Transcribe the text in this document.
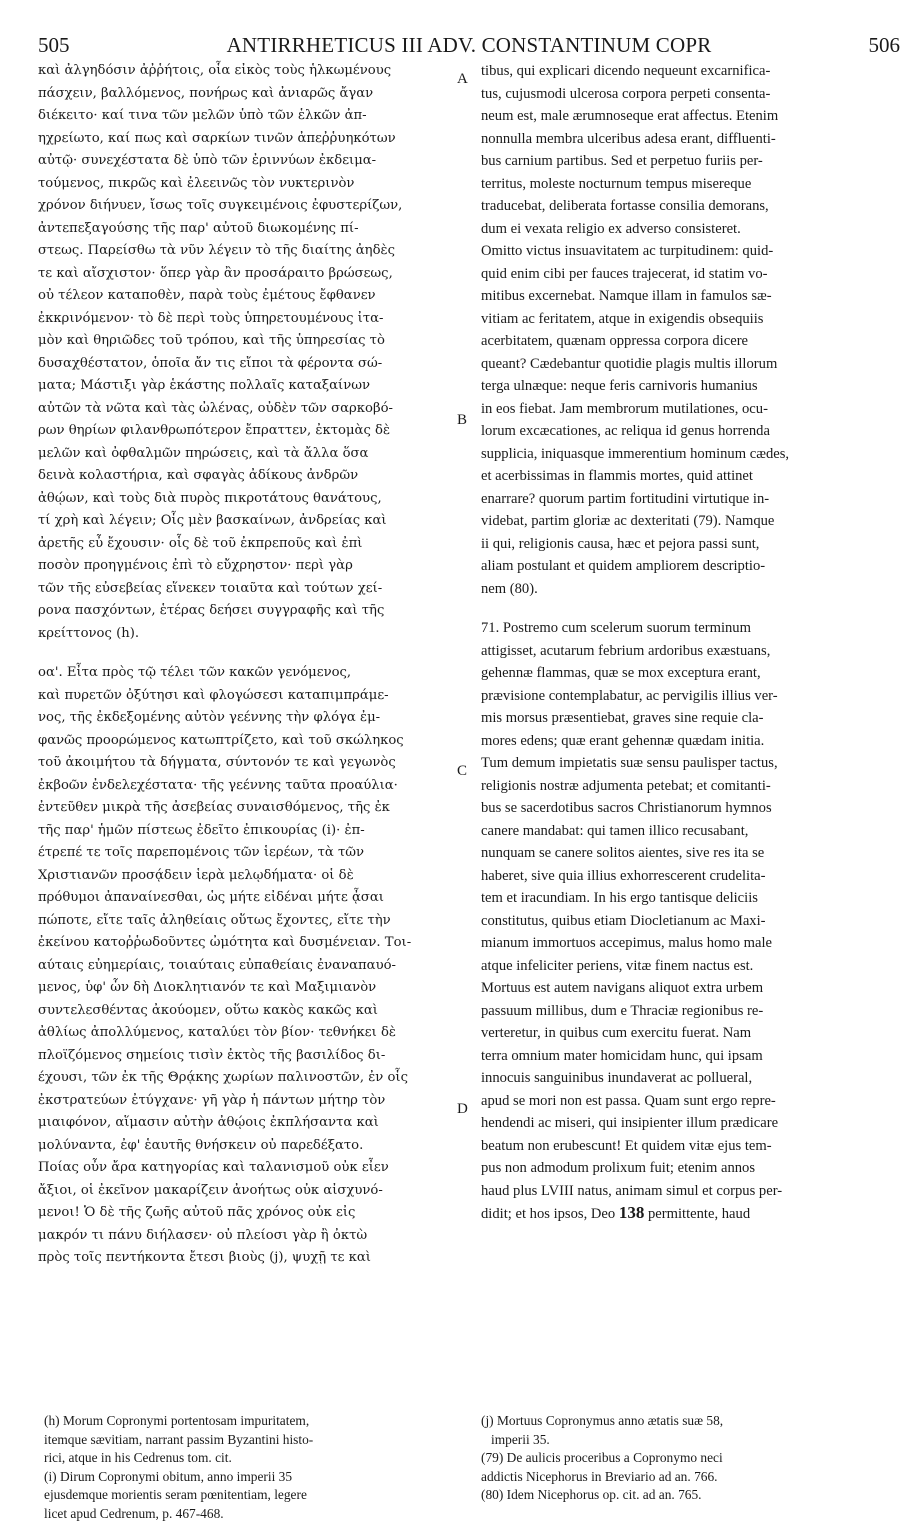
505	ANTIRRHETICUS III ADV. CONSTANTINUM COPR	506
καὶ ἀλγηδόσιν ἀῤῥήτοις, οἷα εἰκὸς τοὺς ἡλκωμένους
πάσχειν, βαλλόμενος, πονήρως καὶ ἀνιαρῶς ἄγαν
διέκειτο· καί τινα τῶν μελῶν ὑπὸ τῶν ἑλκῶν ἀπ-
ηχρείωτο, καί πως καὶ σαρκίων τινῶν ἀπεῤῥυηκότων
αὐτῷ· συνεχέστατα δὲ ὑπὸ τῶν ἐριννύων ἐκδειμα-
τούμενος, πικρῶς καὶ ἐλεεινῶς τὸν νυκτερινὸν
χρόνον διήνυεν, ἴσως τοῖς συγκειμένοις ἐφυστερίζων,
ἀντεπεξαγούσης τῆς παρ' αὐτοῦ διωκομένης πί-
στεως. Παρείσθω τὰ νῦν λέγειν τὸ τῆς διαίτης ἀηδὲς
τε καὶ αἴσχιστον· ὅπερ γὰρ ἂν προσάραιτο βρώσεως,
οὐ τέλεον καταποθὲν, παρὰ τοὺς ἐμέτους ἔφθανεν
ἐκκρινόμενον· τὸ δὲ περὶ τοὺς ὑπηρετουμένους ἰτα-
μὸν καὶ θηριῶδες τοῦ τρόπου, καὶ τῆς ὑπηρεσίας τὸ
δυσαχθέστατον, ὁποῖα ἄν τις εἴποι τὰ φέροντα σώ-
ματα; Μάστιξι γὰρ ἑκάστης πολλαῖς καταξαίνων
αὐτῶν τὰ νῶτα καὶ τὰς ὠλένας, οὐδὲν τῶν σαρκοβό-
ρων θηρίων φιλανθρωπότερον ἔπραττεν, ἐκτομὰς δὲ
μελῶν καὶ ὀφθαλμῶν πηρώσεις, καὶ τὰ ἄλλα ὅσα
δεινὰ κολαστήρια, καὶ σφαγὰς ἀδίκους ἀνδρῶν
ἀθῴων, καὶ τοὺς διὰ πυρὸς πικροτάτους θανάτους,
τί χρὴ καὶ λέγειν; Οἷς μὲν βασκαίνων, ἀνδρείας καὶ
ἀρετῆς εὖ ἔχουσιν· οἷς δὲ τοῦ ἐκπρεποῦς καὶ ἐπὶ
ποσὸν προηγμένοις ἐπὶ τὸ εὔχρηστον· περὶ γὰρ
τῶν τῆς εὐσεβείας εἵνεκεν τοιαῦτα καὶ τούτων χεί-
ρονα πασχόντων, ἑτέρας δεήσει συγγραφῆς καὶ τῆς
κρείττονος (h).
οα'. Εἶτα πρὸς τῷ τέλει τῶν κακῶν γενόμενος,
καὶ πυρετῶν ὀξύτησι καὶ φλογώσεσι καταπιμπράμε-
νος, τῆς ἐκδεξομένης αὐτὸν γεέννης τὴν φλόγα ἐμ-
φανῶς προορώμενος κατωπτρίζετο, καὶ τοῦ σκώληκος
τοῦ ἀκοιμήτου τὰ δήγματα, σύντονόν τε καὶ γεγωνὸς
ἐκβοῶν ἐνδελεχέστατα· τῆς γεέννης ταῦτα προαύλια·
ἐντεῦθεν μικρὰ τῆς ἀσεβείας συναισθόμενος, τῆς ἐκ
τῆς παρ' ἡμῶν πίστεως ἐδεῖτο ἐπικουρίας (i)· ἐπ-
έτρεπέ τε τοῖς παρεπομένοις τῶν ἱερέων, τὰ τῶν
Χριστιανῶν προσᾴδειν ἱερὰ μελῳδήματα· οἱ δὲ
πρόθυμοι ἀπαναίνεσθαι, ὡς μήτε εἰδέναι μήτε ᾆσαι
πώποτε, εἴτε ταῖς ἀληθείαις οὕτως ἔχοντες, εἴτε τὴν
ἐκείνου κατοῤῥωδοῦντες ὠμότητα καὶ δυσμένειαν. Τοι-
αύταις εὐημερίαις, τοιαύταις εὐπαθείαις ἐναναπαυό-
μενος, ὑφ' ὧν δὴ Διοκλητιανόν τε καὶ Μαξιμιανὸν
συντελεσθέντας ἀκούομεν, οὕτω κακὸς κακῶς καὶ
ἀθλίως ἀπολλύμενος, καταλύει τὸν βίον· τεθνήκει δὲ
πλοϊζόμενος σημείοις τισὶν ἐκτὸς τῆς βασιλίδος δι-
έχουσι, τῶν ἐκ τῆς Θρᾴκης χωρίων παλινοστῶν, ἐν οἷς
ἐκστρατεύων ἐτύγχανε· γῆ γὰρ ἡ πάντων μήτηρ τὸν
μιαιφόνον, αἵμασιν αὐτὴν ἀθῴοις ἐκπλήσαντα καὶ
μολύναντα, ἐφ' ἑαυτῆς θνήσκειν οὐ παρεδέξατο.
Ποίας οὖν ἄρα κατηγορίας καὶ ταλανισμοῦ οὐκ εἶεν
ἄξιοι, οἱ ἐκεῖνον μακαρίζειν ἀνοήτως οὐκ αἰσχυνό-
μενοι! Ὁ δὲ τῆς ζωῆς αὐτοῦ πᾶς χρόνος οὐκ εἰς
μακρόν τι πάνυ διήλασεν· οὐ πλείοσι γὰρ ἢ ὀκτὼ
πρὸς τοῖς πεντήκοντα ἔτεσι βιοὺς (j), ψυχῇ τε καὶ
tibus, qui explicari dicendo nequeunt excarnifica-
tus, cujusmodi ulcerosa corpora perpeti consenta-
neum est, male ærumnoseque erat affectus. Etenim
nonnulla membra ulceribus adesa erant, diffluenti-
bus carnium partibus. Sed et perpetuo furiis per-
territus, moleste nocturnum tempus misereque
traducebat, deliberata fortasse consilia demorans,
dum ei vexata religio ex adverso consisteret.
Omitto victus insuavitatem ac turpitudinem: quid-
quid enim cibi per fauces trajecerat, id statim vo-
mitibus excernebat. Namque illam in famulos sæ-
vitiam ac feritatem, atque in exigendis obsequiis
acerbitatem, quænam oppressa corpora dicere
queant? Cædebantur quotidie plagis multis illorum
terga ulnæque: neque feris carnivoris humanius
in eos fiebat. Jam membrorum mutilationes, ocu-
lorum excæcationes, ac reliqua id genus horrenda
supplicia, iniquasque immerentium hominum cædes,
et acerbissimas in flammis mortes, quid attinet
enarrare? quorum partim fortitudini virtutique in-
videbat, partim gloriæ ac dexteritati (79). Namque
ii qui, religionis causa, hæc et pejora passi sunt,
aliam postulant et quidem ampliorem descriptio-
nem (80).
71. Postremo cum scelerum suorum terminum
attigisset, acutarum febrium ardoribus exæstuans,
gehennæ flammas, quæ se mox exceptura erant,
prævisione contemplabatur, ac pervigilis illius ver-
mis morsus præsentiebat, graves sine requie cla-
mores edens; quæ erant gehennæ quædam initia.
Tum demum impietatis suæ sensu paulisper tactus,
religionis nostræ adjumenta petebat; et comitanti-
bus se sacerdotibus sacros Christianorum hymnos
canere mandabat: qui tamen illico recusabant,
nunquam se canere solitos aientes, sive res ita se
haberet, sive quia illius exhorrescerent crudelita-
tem et iracundiam. In his ergo tantisque deliciis
constitutus, quibus etiam Diocletianum ac Maxi-
mianum immortuos accepimus, malus homo male
atque infeliciter periens, vitæ finem nactus est.
Mortuus est autem navigans aliquot extra urbem
passuum millibus, dum e Thraciæ regionibus re-
verteretur, in quibus cum exercitu fuerat. Nam
terra omnium mater homicidam hunc, qui ipsam
innocuis sanguinibus inundaverat ac pollueral,
apud se mori non est passa. Quam sunt ergo repre-
hendendi ac miseri, qui insipienter illum prædicare
beatum non erubescunt! Et quidem vitæ ejus tem-
pus non admodum prolixum fuit; etenim annos
haud plus LVIII natus, animam simul et corpus per-
didit; et hos ipsos, Deo 138 permittente, haud
A
B
C
D
(h) Morum Copronymi portentosam impuritatem,
itemque sævitiam, narrant passim Byzantini histo-
rici, atque in his Cedrenus tom. cit.
(i) Dirum Copronymi obitum, anno imperii 35
ejusdemque morientis seram pœnitentiam, legere
licet apud Cedrenum, p. 467-468.
(j) Mortuus Copronymus anno ætatis suæ 58,
imperii 35.
(79) De aulicis proceribus a Copronymo neci
addictis Nicephorus in Breviario ad an. 766.
(80) Idem Nicephorus op. cit. ad an. 765.
